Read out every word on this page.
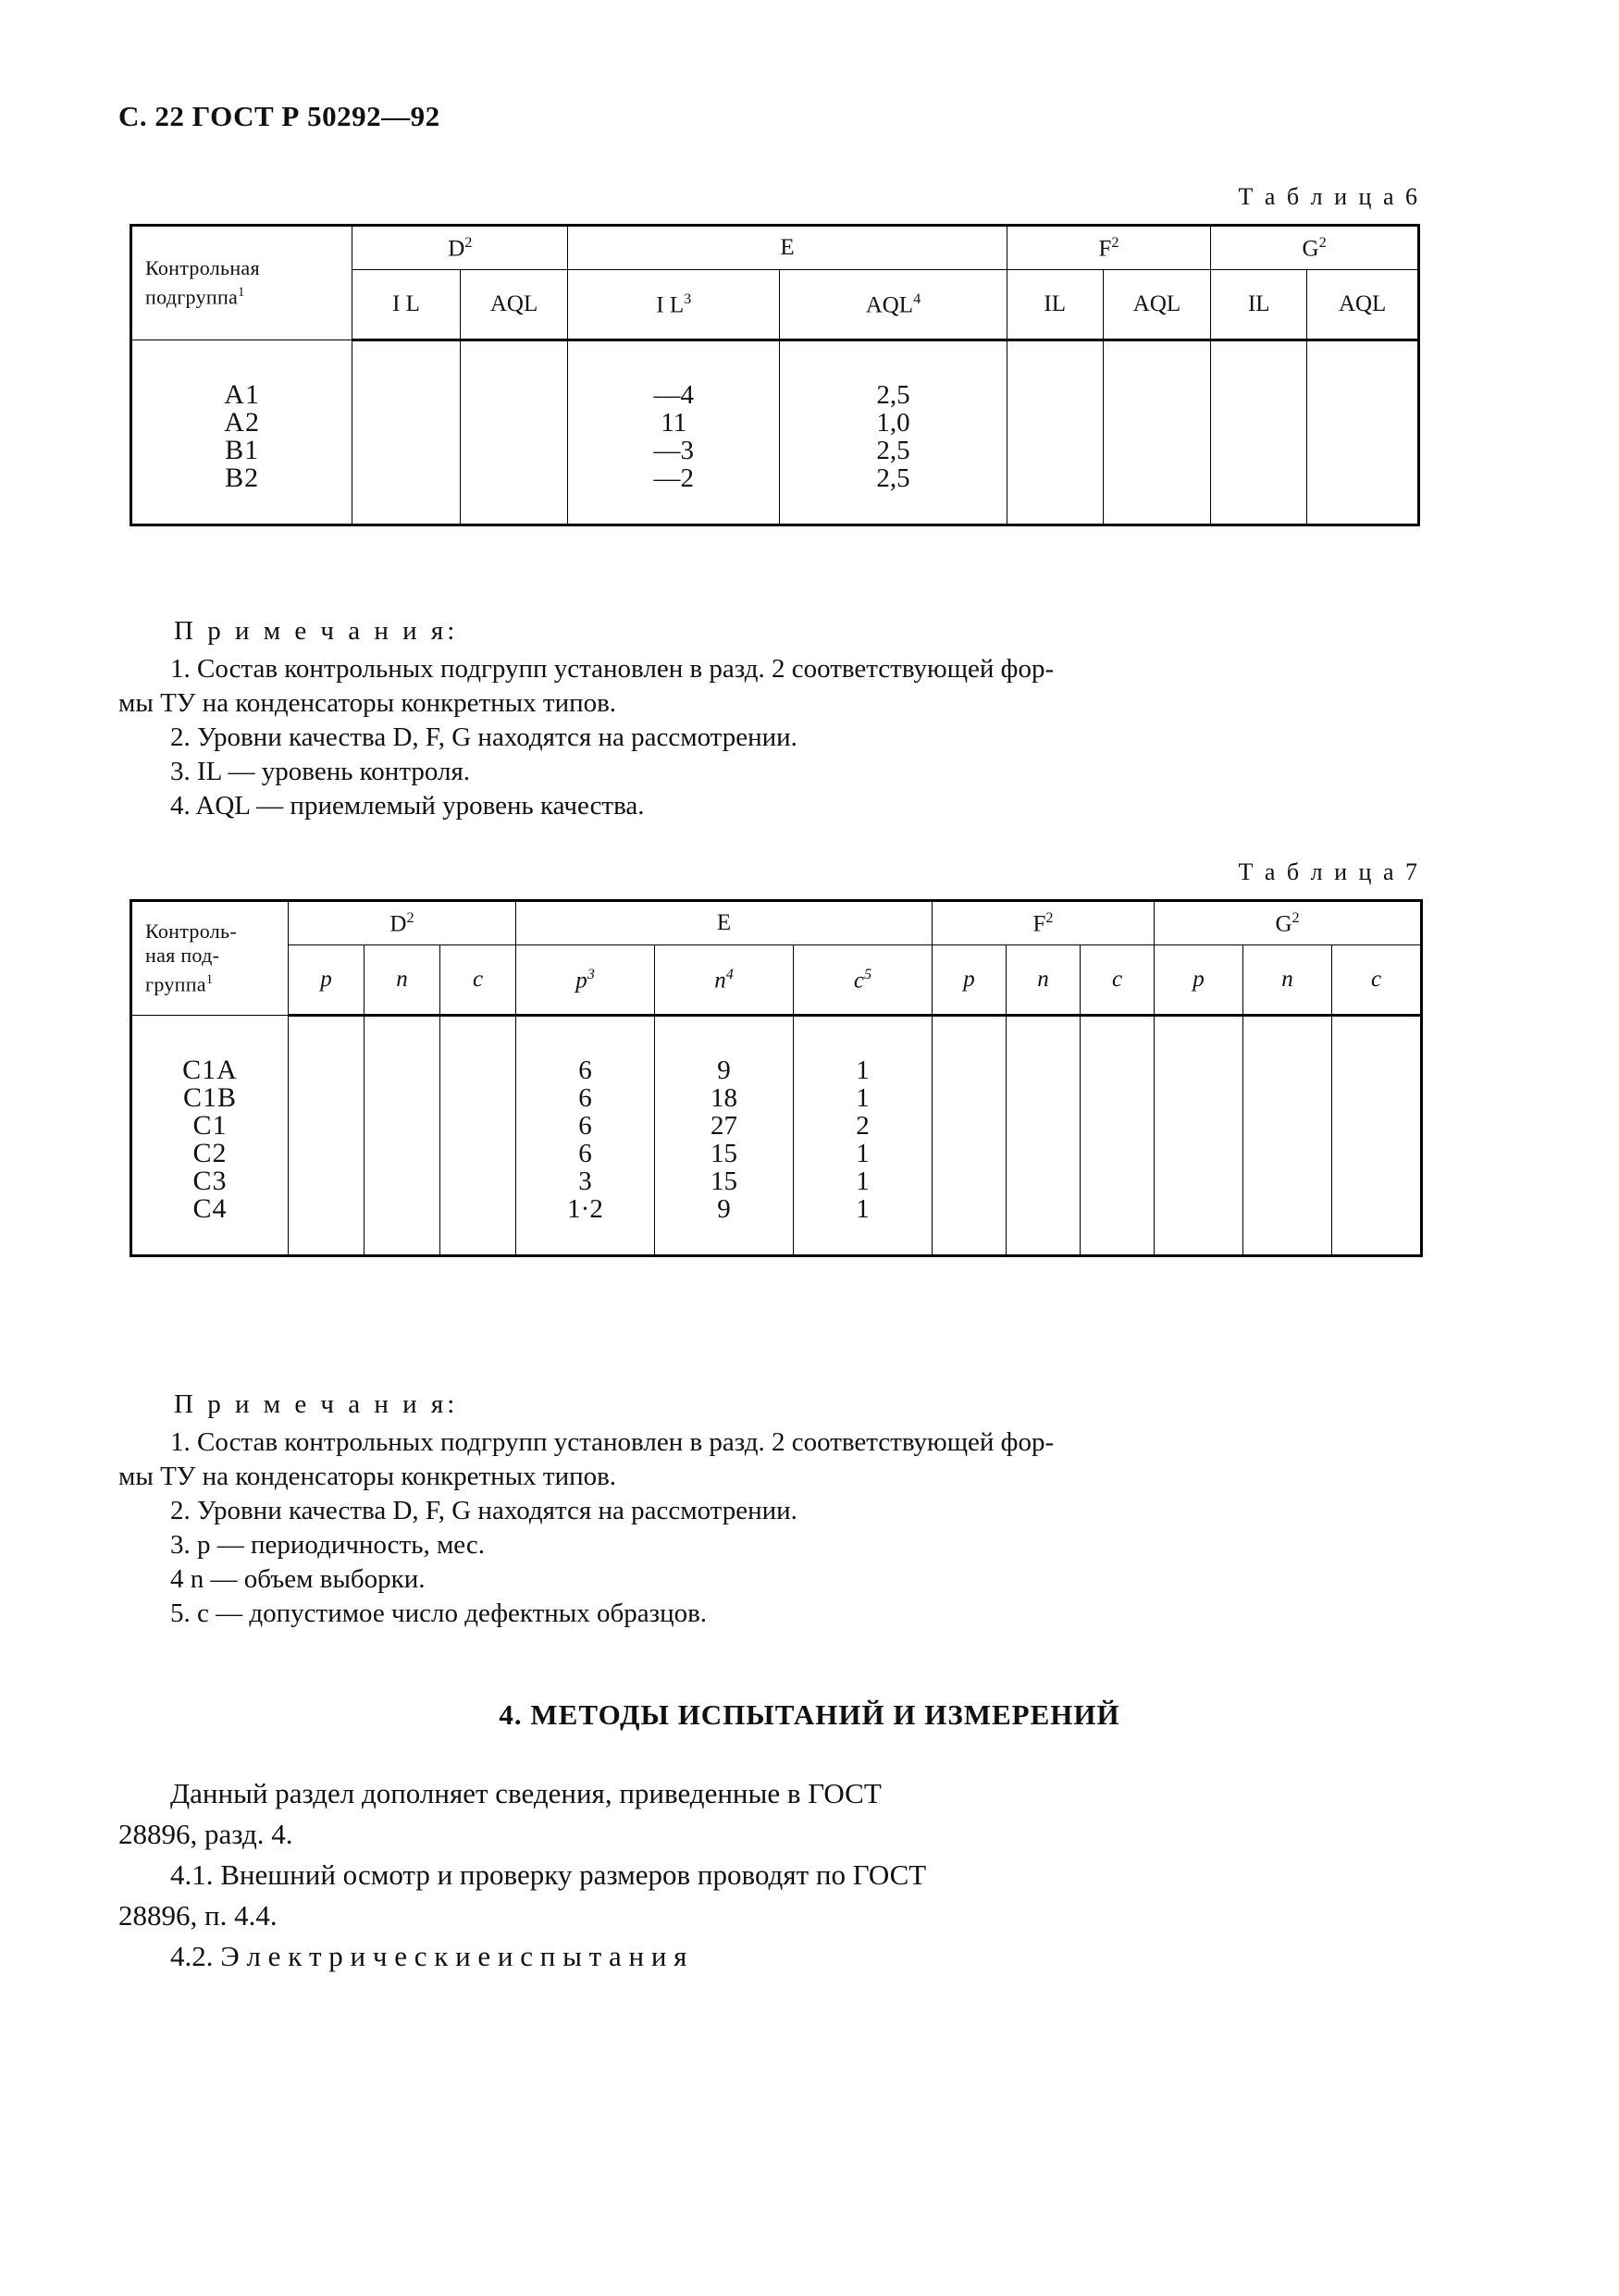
С. 22 ГОСТ Р 50292—92
Т а б л и ц а 6
Контрольная
подгруппа$^1$	$D^2$		E		$F^2$		$G^2$
	I L	AQL	I $L^3$	AQL$^4$	IL	AQL	IL	AQL

A1			—4	2,5				
A2			11	1,0				
B1			—3	2,5				
B2			—2	2,5				

П р и м е ч а н и я:
1. Состав контрольных подгрупп установлен в разд. 2 соответствующей фор-
мы ТУ на конденсаторы конкретных типов.
2. Уровни качества D, F, G находятся на рассмотрении.
3. IL — уровень контроля.
4. AQL — приемлемый уровень качества.
Т а б л и ц а 7
Контроль-
ная под-
группа$^1$	$D^2$			E			$F^2$			$G^2$
	p	n	c	$p^3$	$n^4$	$c^5$	p	n	c	p	n	c

C1A				6	9	1						
C1B				6	18	1						
C1				6	27	2						
C2				6	15	1						
C3				3	15	1						
C4				1·2	9	1						

П р и м е ч а н и я:
1. Состав контрольных подгрупп установлен в разд. 2 соответствующей фор-
мы ТУ на конденсаторы конкретных типов.
2. Уровни качества D, F, G находятся на рассмотрении.
3. p — периодичность, мес.
4 n — объем выборки.
5. c — допустимое число дефектных образцов.
4. МЕТОДЫ ИСПЫТАНИЙ И ИЗМЕРЕНИЙ

Данный раздел дополняет сведения, приведенные в ГОСТ

28896, разд. 4.

4.1. Внешний осмотр и проверку размеров проводят по ГОСТ

28896, п. 4.4.

4.2. Э л е к т р и ч е с к и е и с п ы т а н и я
